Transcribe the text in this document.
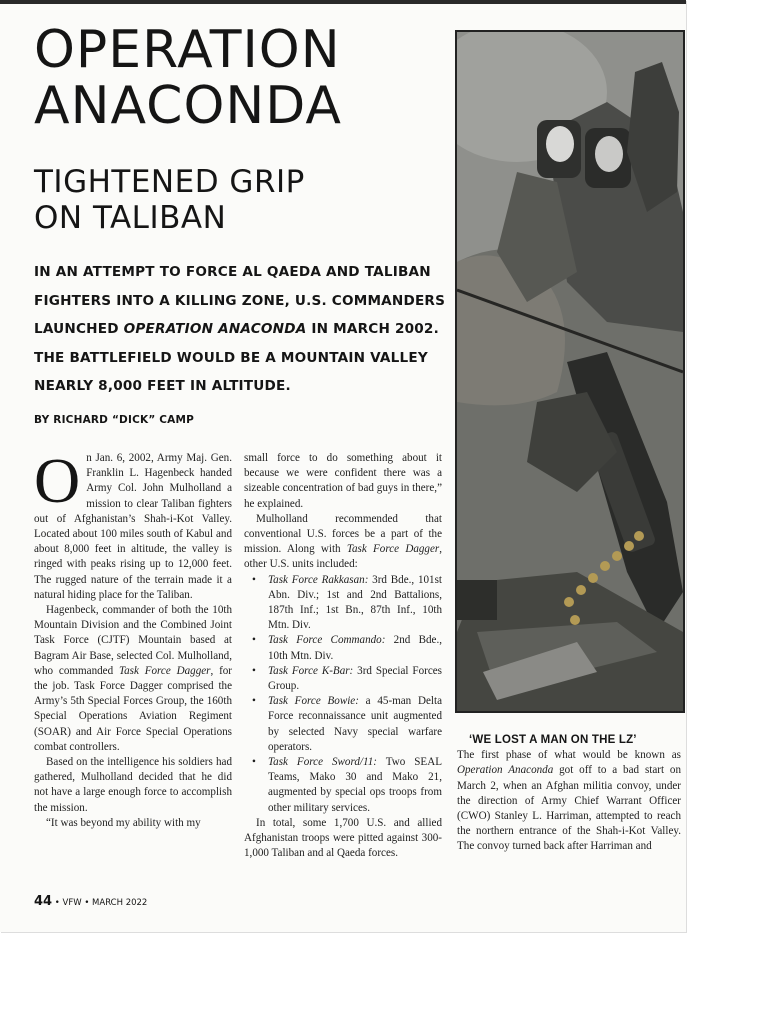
OPERATION
ANACONDA
TIGHTENED GRIP
ON TALIBAN
IN AN ATTEMPT TO FORCE AL QAEDA AND TALIBAN FIGHTERS INTO A KILLING ZONE, U.S. COMMANDERS LAUNCHED OPERATION ANACONDA IN MARCH 2002. THE BATTLEFIELD WOULD BE A MOUNTAIN VALLEY NEARLY 8,000 FEET IN ALTITUDE.
BY RICHARD “DICK” CAMP

On Jan. 6, 2002, Army Maj. Gen. Franklin L. Hagenbeck handed Army Col. John Mulholland a mission to clear Taliban fighters out of Afghanistan’s Shah-i-Kot Valley. Located about 100 miles south of Kabul and about 8,000 feet in altitude, the valley is ringed with peaks rising up to 12,000 feet. The rugged nature of the terrain made it a natural hiding place for the Taliban.

Hagenbeck, commander of both the 10th Mountain Division and the Combined Joint Task Force (CJTF) Mountain based at Bagram Air Base, selected Col. Mulholland, who commanded Task Force Dagger, for the job. Task Force Dagger comprised the Army’s 5th Special Forces Group, the 160th Special Operations Aviation Regiment (SOAR) and Air Force Special Operations combat controllers.

Based on the intelligence his soldiers had gathered, Mulholland decided that he did not have a large enough force to accomplish the mission.

“It was beyond my ability with my

small force to do something about it because we were confident there was a sizeable concentration of bad guys in there,” he explained.

Mulholland recommended that conventional U.S. forces be a part of the mission. Along with Task Force Dagger, other U.S. units included:

• Task Force Rakkasan: 3rd Bde., 101st Abn. Div.; 1st and 2nd Battalions, 187th Inf.; 1st Bn., 87th Inf., 10th Mtn. Div.
• Task Force Commando: 2nd Bde., 10th Mtn. Div.
• Task Force K-Bar: 3rd Special Forces Group.
• Task Force Bowie: a 45-man Delta Force reconnaissance unit augmented by selected Navy special warfare operators.
• Task Force Sword/11: Two SEAL Teams, Mako 30 and Mako 21, augmented by special ops troops from other military services.

In total, some 1,700 U.S. and allied Afghanistan troops were pitted against 300-1,000 Taliban and al Qaeda forces.

‘WE LOST A MAN ON THE LZ’

The first phase of what would be known as Operation Anaconda got off to a bad start on March 2, when an Afghan militia convoy, under the direction of Army Chief Warrant Officer (CWO) Stanley L. Harriman, attempted to reach the northern entrance of the Shah-i-Kot Valley. The convoy turned back after Harriman and

44 • VFW • MARCH 2022
